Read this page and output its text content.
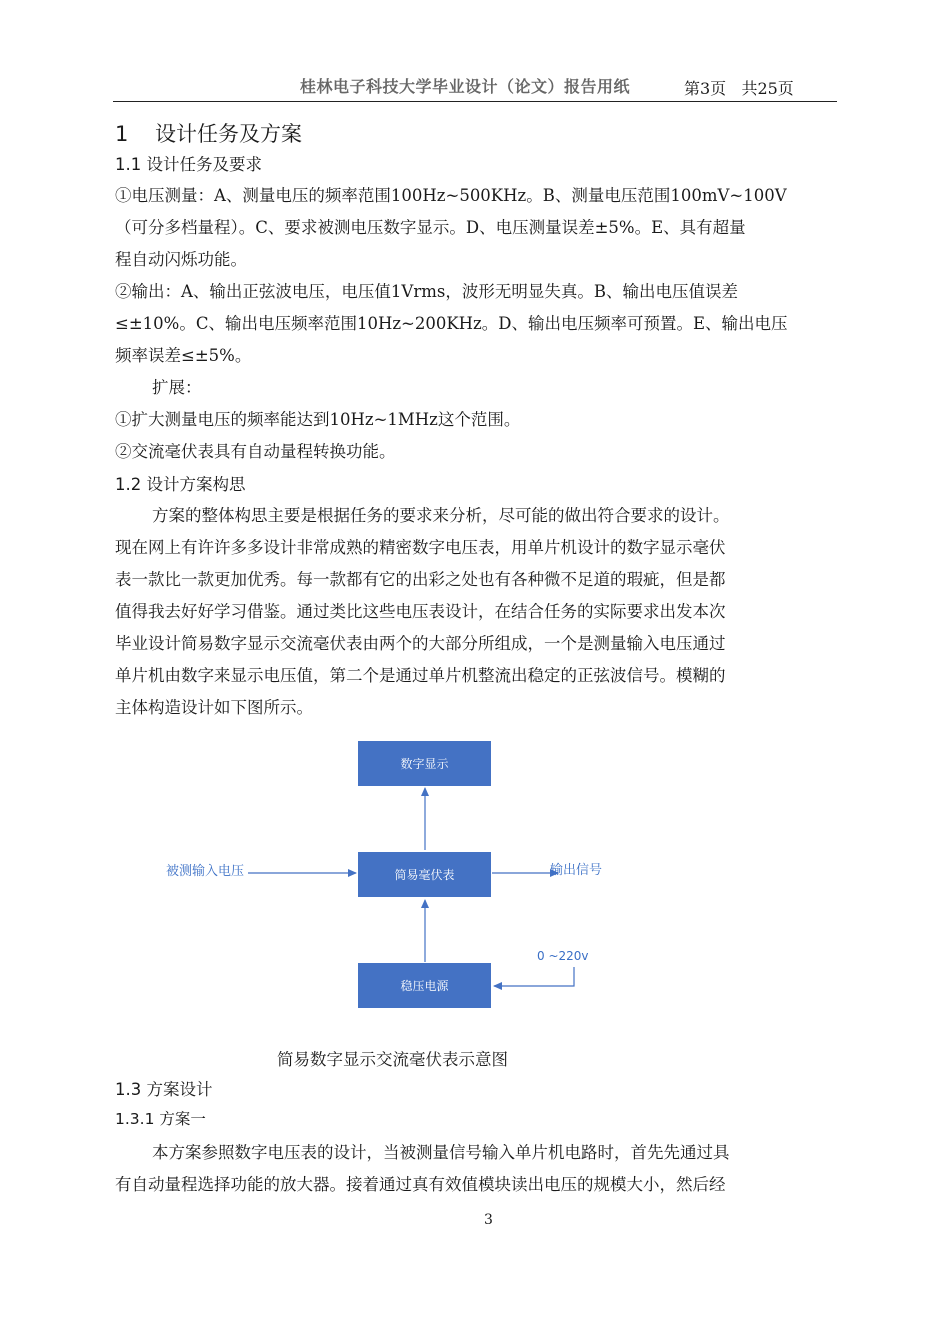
桂林电子科技大学毕业设计（论文）报告用纸	第3页   共25页
1    设计任务及方案
1.1 设计任务及要求
①电压测量：A、测量电压的频率范围100Hz~500KHz。B、测量电压范围100mV~100V
（可分多档量程）。C、要求被测电压数字显示。D、电压测量误差±5%。E、具有超量
程自动闪烁功能。
②输出：A、输出正弦波电压，电压值1Vrms，波形无明显失真。B、输出电压值误差
≤±10%。C、输出电压频率范围10Hz~200KHz。D、输出电压频率可预置。E、输出电压
频率误差≤±5%。
扩展：
①扩大测量电压的频率能达到10Hz~1MHz这个范围。
②交流毫伏表具有自动量程转换功能。
1.2 设计方案构思
方案的整体构思主要是根据任务的要求来分析，尽可能的做出符合要求的设计。
现在网上有许许多多设计非常成熟的精密数字电压表，用单片机设计的数字显示毫伏
表一款比一款更加优秀。每一款都有它的出彩之处也有各种微不足道的瑕疵，但是都
值得我去好好学习借鉴。通过类比这些电压表设计，在结合任务的实际要求出发本次
毕业设计简易数字显示交流毫伏表由两个的大部分所组成，一个是测量输入电压通过
单片机由数字来显示电压值，第二个是通过单片机整流出稳定的正弦波信号。模糊的
主体构造设计如下图所示。
数字显示
简易毫伏表
稳压电源
被测输入电压	输出信号
0 ~220v
简易数字显示交流毫伏表示意图
1.3 方案设计
1.3.1 方案一
本方案参照数字电压表的设计，当被测量信号输入单片机电路时，首先先通过具
有自动量程选择功能的放大器。接着通过真有效值模块读出电压的规模大小，然后经
3
